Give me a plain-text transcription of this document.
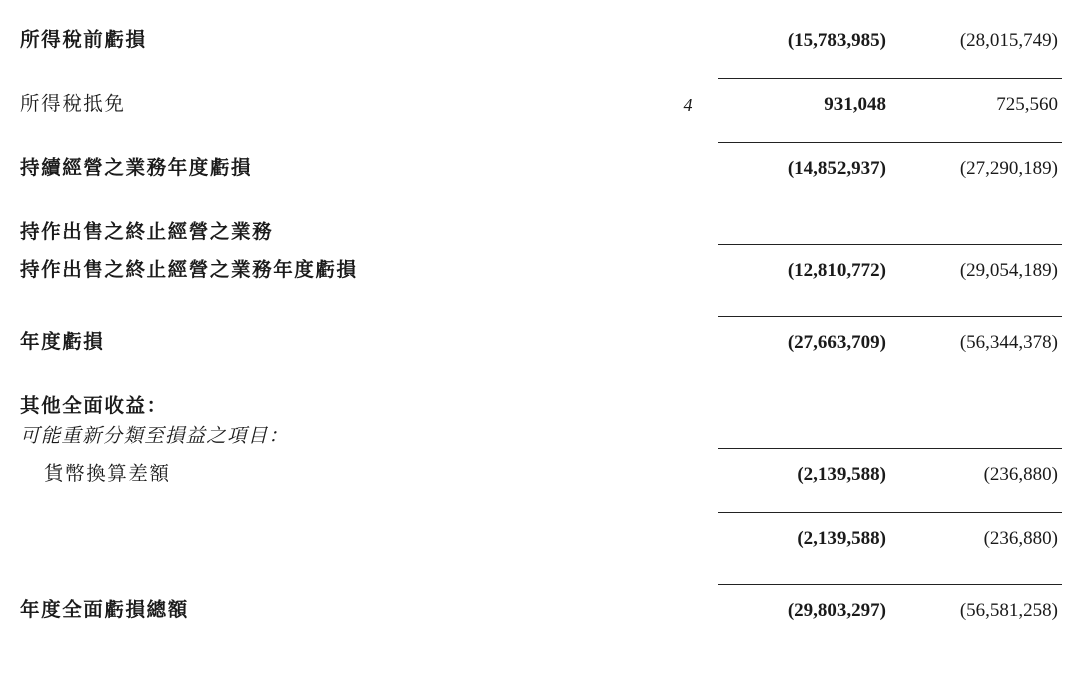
所得稅前虧損		(15,783,985)	(28,015,749)

所得稅抵免	4	931,048	725,560

持續經營之業務年度虧損		(14,852,937)	(27,290,189)

持作出售之終止經營之業務			
持作出售之終止經營之業務年度虧損		(12,810,772)	(29,054,189)

年度虧損		(27,663,709)	(56,344,378)

其他全面收益：			
可能重新分類至損益之項目：			
貨幣換算差額		(2,139,588)	(236,880)

		(2,139,588)	(236,880)

年度全面虧損總額		(29,803,297)	(56,581,258)
